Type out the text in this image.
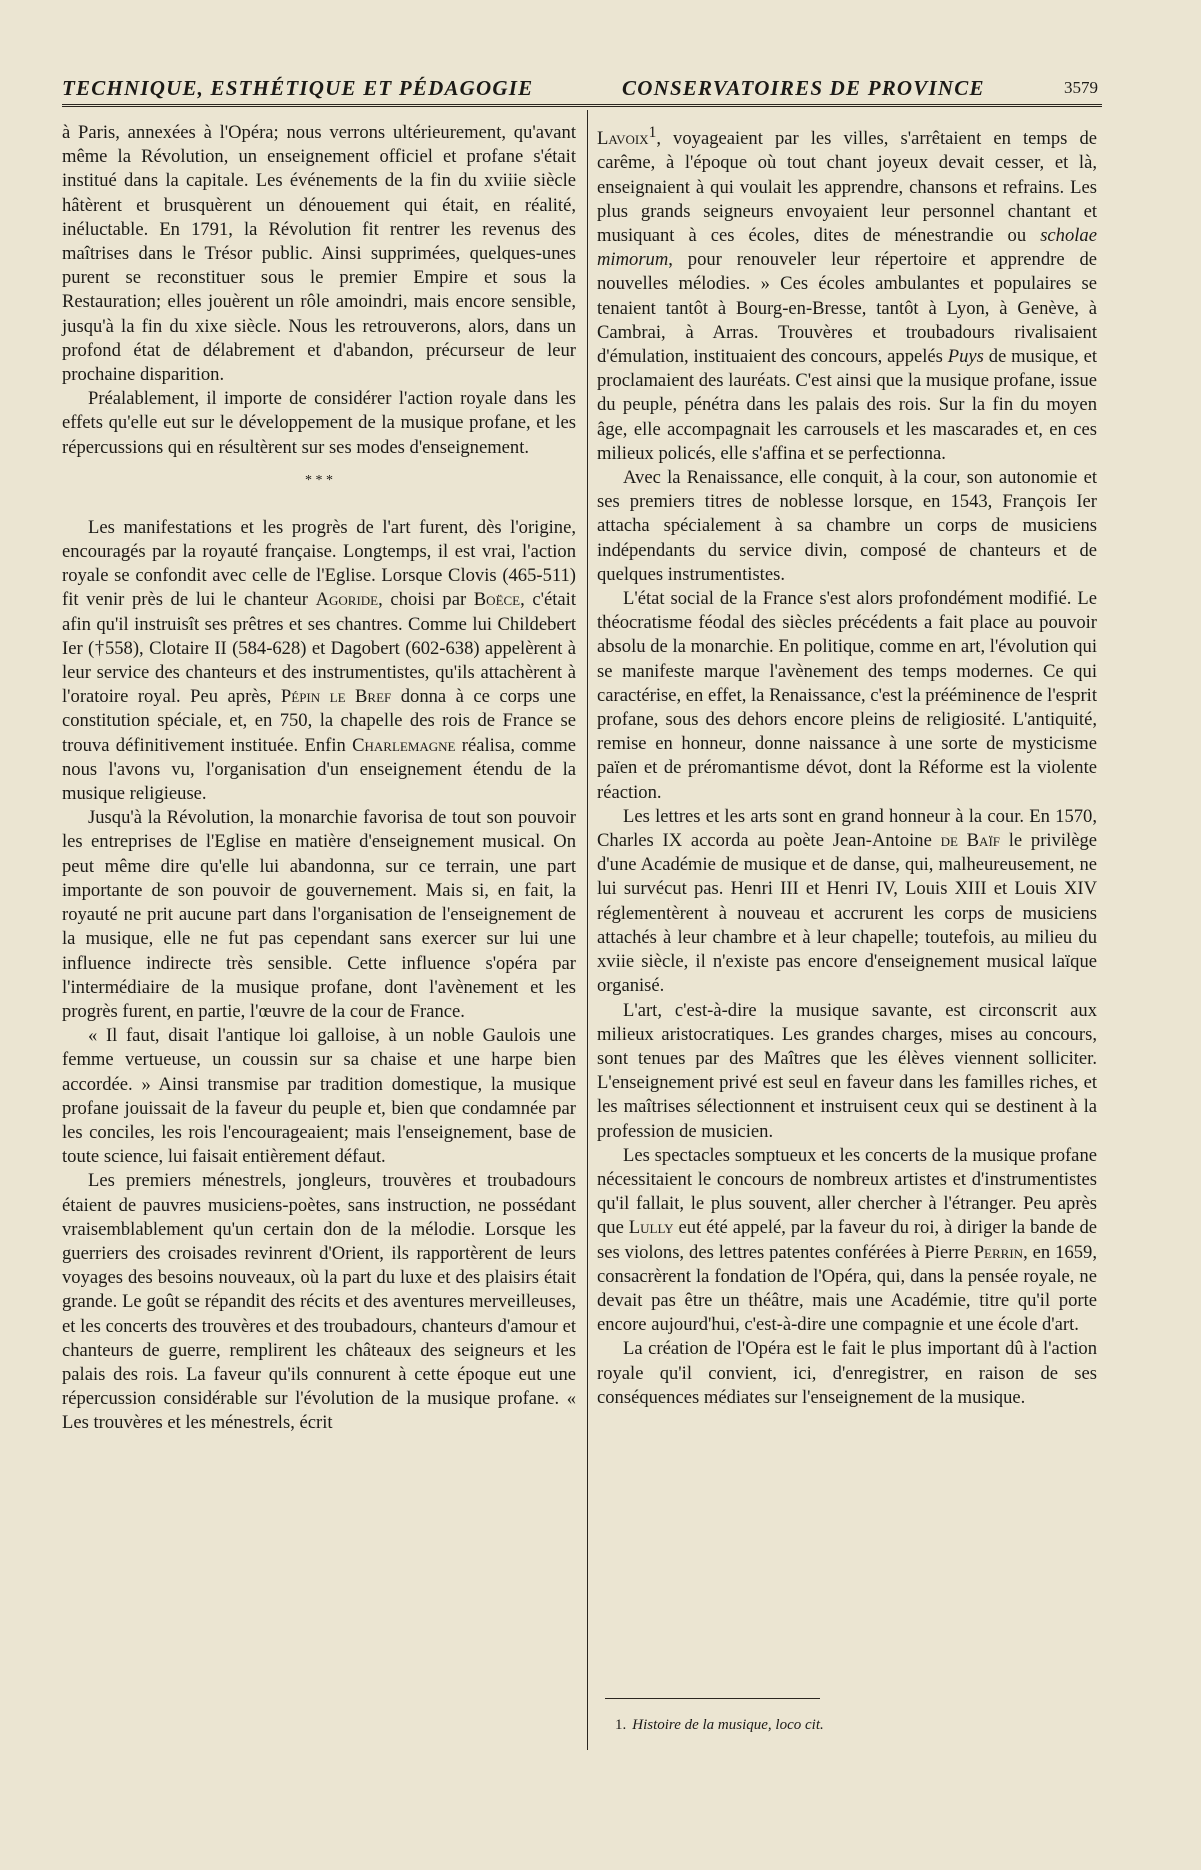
TECHNIQUE, ESTHÉTIQUE ET PÉDAGOGIE	CONSERVATOIRES DE PROVINCE	3579

à Paris, annexées à l'Opéra; nous verrons ultérieurement, qu'avant même la Révolution, un enseignement officiel et profane s'était institué dans la capitale. Les événements de la fin du xviiie siècle hâtèrent et brusquèrent un dénouement qui était, en réalité, inéluctable. En 1791, la Révolution fit rentrer les revenus des maîtrises dans le Trésor public. Ainsi supprimées, quelques-unes purent se reconstituer sous le premier Empire et sous la Restauration; elles jouèrent un rôle amoindri, mais encore sensible, jusqu'à la fin du xixe siècle. Nous les retrouverons, alors, dans un profond état de délabrement et d'abandon, précurseur de leur prochaine disparition.

Préalablement, il importe de considérer l'action royale dans les effets qu'elle eut sur le développement de la musique profane, et les répercussions qui en résultèrent sur ses modes d'enseignement.

* * *

Les manifestations et les progrès de l'art furent, dès l'origine, encouragés par la royauté française. Longtemps, il est vrai, l'action royale se confondit avec celle de l'Eglise. Lorsque Clovis (465-511) fit venir près de lui le chanteur Agoride, choisi par Boëce, c'était afin qu'il instruisît ses prêtres et ses chantres. Comme lui Childebert Ier (†558), Clotaire II (584-628) et Dagobert (602-638) appelèrent à leur service des chanteurs et des instrumentistes, qu'ils attachèrent à l'oratoire royal. Peu après, Pépin le Bref donna à ce corps une constitution spéciale, et, en 750, la chapelle des rois de France se trouva définitivement instituée. Enfin Charlemagne réalisa, comme nous l'avons vu, l'organisation d'un enseignement étendu de la musique religieuse.

Jusqu'à la Révolution, la monarchie favorisa de tout son pouvoir les entreprises de l'Eglise en matière d'enseignement musical. On peut même dire qu'elle lui abandonna, sur ce terrain, une part importante de son pouvoir de gouvernement. Mais si, en fait, la royauté ne prit aucune part dans l'organisation de l'enseignement de la musique, elle ne fut pas cependant sans exercer sur lui une influence indirecte très sensible. Cette influence s'opéra par l'intermédiaire de la musique profane, dont l'avènement et les progrès furent, en partie, l'œuvre de la cour de France.

« Il faut, disait l'antique loi galloise, à un noble Gaulois une femme vertueuse, un coussin sur sa chaise et une harpe bien accordée. » Ainsi transmise par tradition domestique, la musique profane jouissait de la faveur du peuple et, bien que condamnée par les conciles, les rois l'encourageaient; mais l'enseignement, base de toute science, lui faisait entièrement défaut.

Les premiers ménestrels, jongleurs, trouvères et troubadours étaient de pauvres musiciens-poètes, sans instruction, ne possédant vraisemblablement qu'un certain don de la mélodie. Lorsque les guerriers des croisades revinrent d'Orient, ils rapportèrent de leurs voyages des besoins nouveaux, où la part du luxe et des plaisirs était grande. Le goût se répandit des récits et des aventures merveilleuses, et les concerts des trouvères et des troubadours, chanteurs d'amour et chanteurs de guerre, remplirent les châteaux des seigneurs et les palais des rois. La faveur qu'ils connurent à cette époque eut une répercussion considérable sur l'évolution de la musique profane. « Les trouvères et les ménestrels, écrit

Lavoix$^1$, voyageaient par les villes, s'arrêtaient en temps de carême, à l'époque où tout chant joyeux devait cesser, et là, enseignaient à qui voulait les apprendre, chansons et refrains. Les plus grands seigneurs envoyaient leur personnel chantant et musiquant à ces écoles, dites de ménestrandie ou scholae mimorum, pour renouveler leur répertoire et apprendre de nouvelles mélodies. » Ces écoles ambulantes et populaires se tenaient tantôt à Bourg-en-Bresse, tantôt à Lyon, à Genève, à Cambrai, à Arras. Trouvères et troubadours rivalisaient d'émulation, instituaient des concours, appelés Puys de musique, et proclamaient des lauréats. C'est ainsi que la musique profane, issue du peuple, pénétra dans les palais des rois. Sur la fin du moyen âge, elle accompagnait les carrousels et les mascarades et, en ces milieux policés, elle s'affina et se perfectionna.

Avec la Renaissance, elle conquit, à la cour, son autonomie et ses premiers titres de noblesse lorsque, en 1543, François Ier attacha spécialement à sa chambre un corps de musiciens indépendants du service divin, composé de chanteurs et de quelques instrumentistes.

L'état social de la France s'est alors profondément modifié. Le théocratisme féodal des siècles précédents a fait place au pouvoir absolu de la monarchie. En politique, comme en art, l'évolution qui se manifeste marque l'avènement des temps modernes. Ce qui caractérise, en effet, la Renaissance, c'est la prééminence de l'esprit profane, sous des dehors encore pleins de religiosité. L'antiquité, remise en honneur, donne naissance à une sorte de mysticisme païen et de préromantisme dévot, dont la Réforme est la violente réaction.

Les lettres et les arts sont en grand honneur à la cour. En 1570, Charles IX accorda au poète Jean-Antoine de Baïf le privilège d'une Académie de musique et de danse, qui, malheureusement, ne lui survécut pas. Henri III et Henri IV, Louis XIII et Louis XIV réglementèrent à nouveau et accrurent les corps de musiciens attachés à leur chambre et à leur chapelle; toutefois, au milieu du xviie siècle, il n'existe pas encore d'enseignement musical laïque organisé.

L'art, c'est-à-dire la musique savante, est circonscrit aux milieux aristocratiques. Les grandes charges, mises au concours, sont tenues par des Maîtres que les élèves viennent solliciter. L'enseignement privé est seul en faveur dans les familles riches, et les maîtrises sélectionnent et instruisent ceux qui se destinent à la profession de musicien.

Les spectacles somptueux et les concerts de la musique profane nécessitaient le concours de nombreux artistes et d'instrumentistes qu'il fallait, le plus souvent, aller chercher à l'étranger. Peu après que Lully eut été appelé, par la faveur du roi, à diriger la bande de ses violons, des lettres patentes conférées à Pierre Perrin, en 1659, consacrèrent la fondation de l'Opéra, qui, dans la pensée royale, ne devait pas être un théâtre, mais une Académie, titre qu'il porte encore aujourd'hui, c'est-à-dire une compagnie et une école d'art.

La création de l'Opéra est le fait le plus important dû à l'action royale qu'il convient, ici, d'enregistrer, en raison de ses conséquences médiates sur l'enseignement de la musique.

1. Histoire de la musique, loco cit.
